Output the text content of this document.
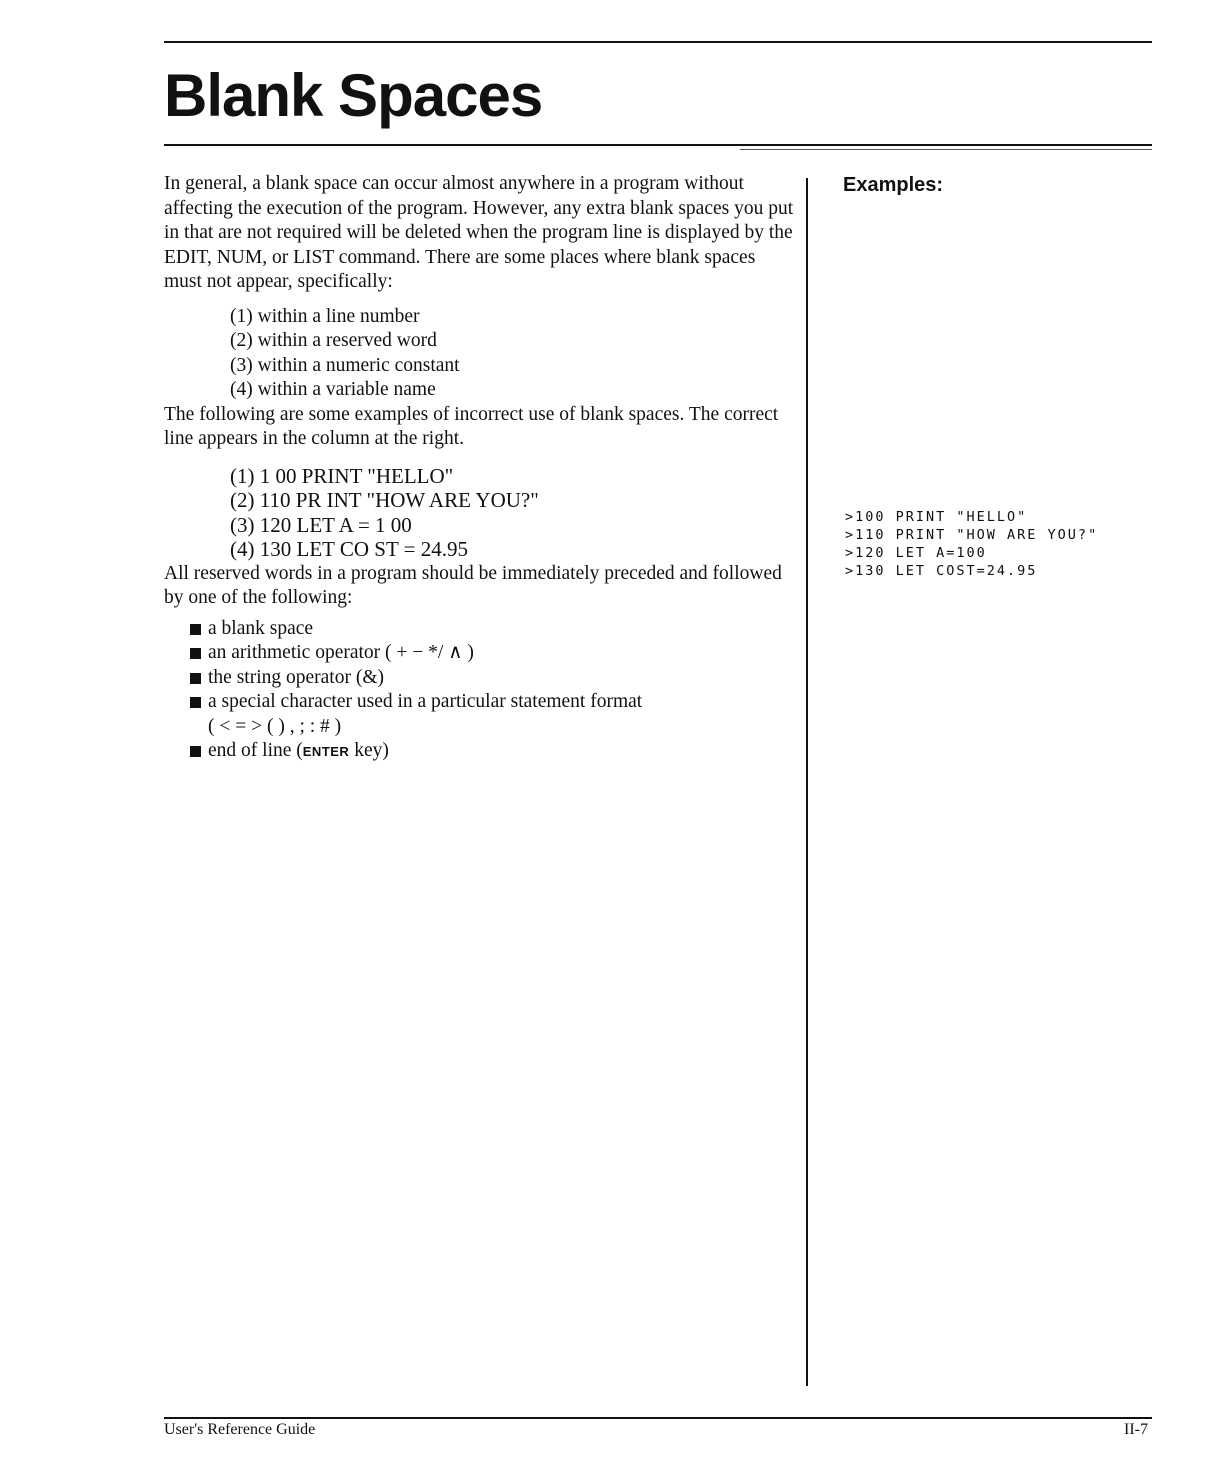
Blank Spaces

In general, a blank space can occur almost anywhere in a program without affecting the execution of the program. However, any extra blank spaces you put in that are not required will be deleted when the program line is displayed by the EDIT, NUM, or LIST command. There are some places where blank spaces must not appear, specifically:

(1) within a line number
(2) within a reserved word
(3) within a numeric constant
(4) within a variable name

The following are some examples of incorrect use of blank spaces. The correct line appears in the column at the right.

(1) 1 00 PRINT "HELLO"
(2) 110 PR INT "HOW ARE YOU?"
(3) 120 LET A = 1 00
(4) 130 LET CO ST = 24.95

All reserved words in a program should be immediately preceded and followed by one of the following:

a blank space
an arithmetic operator ( + − */ ∧ )
the string operator (&)
a special character used in a particular statement format
( < = > ( ) , ; : # )
end of line (ENTER key)
Examples:
>100 PRINT "HELLO"
>110 PRINT "HOW ARE YOU?"
>120 LET A=100
>130 LET COST=24.95
User's Reference Guide	II-7
